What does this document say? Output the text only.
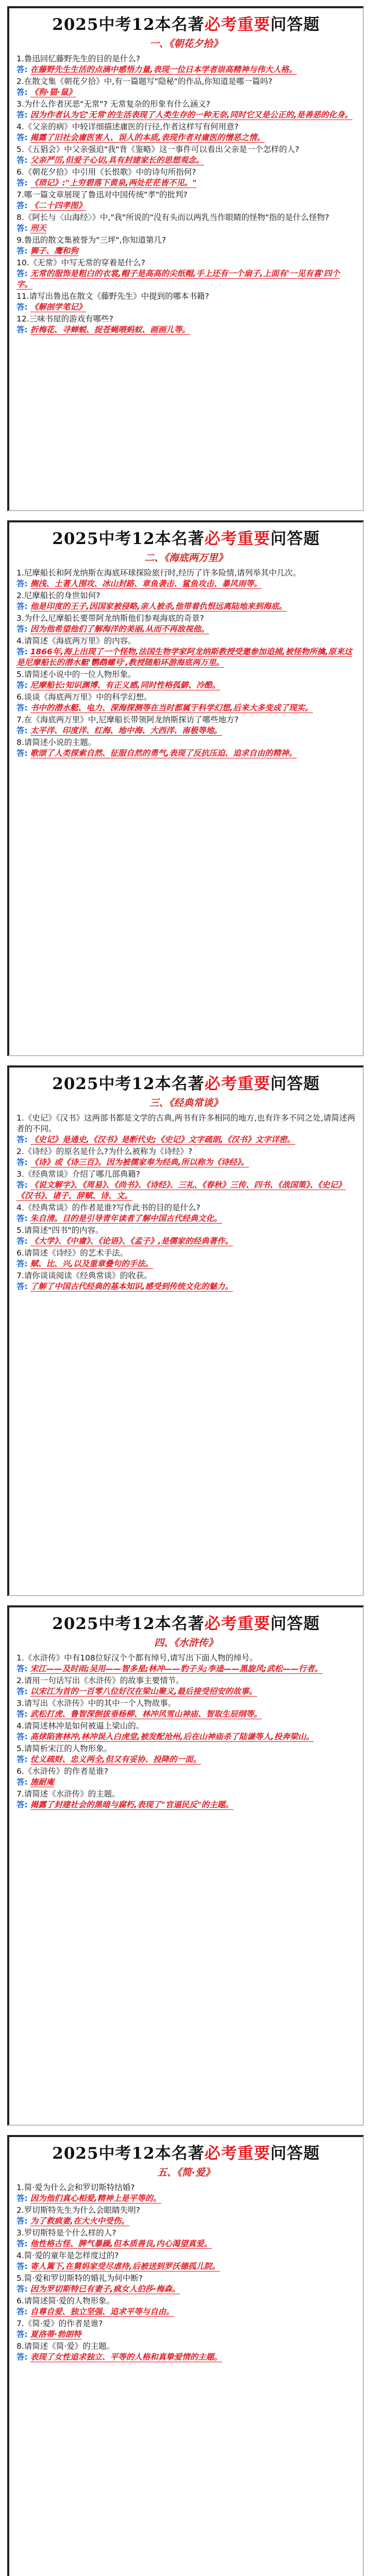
2025中考12本名著必考重要问答题
一、《朝花夕拾》

1.鲁迅回忆藤野先生的目的是什么?

答: 在藤野先生生活的点滴中感悟力量,表现一位日本学者崇高精神与伟大人格。

2.在散文集《朝花夕拾》中,有一篇题写"隐秘"的作品,你知道是哪一篇吗?

答: 《狗·猫·鼠》

3.为什么作者厌恶"无常"? 无常复杂的形象有什么涵义?

答: 因为作者认为它'无常'的生活表现了人类生存的一种无奈,同时它又是公正的,是善恶的化身。

4.《父亲的病》中较详细描述庸医的行径,作者这样写有何用意?

答: 揭露了旧社会庸医害人、误人的本质,表现作者对庸医的憎恶之情。

5.《五猖会》中父亲强迫"我"背《鉴略》这一事件可以看出父亲是一个怎样的人?

答: 父亲严厉,但爱子心切,具有封建家长的思想观念。

6.《朝花夕拾》中引用《长恨歌》中的诗句所指何?

答: 《琐记》:"上穷碧落下黄泉,两处茫茫皆不见。"

7.哪一篇文章展现了鲁迅对中国传统"孝"的批判?

答: 《二十四孝图》

8.《阿长与〈山海经〉》中,"我"所说的"没有头而以两乳当作眼睛的怪物"指的是什么怪物?

答: 刑天

9.鲁迅的散文集被誉为"三坪",你知道第几?

答: 狮子、鹰和狗

10.《无常》中写无常的穿着是什么?

答: 无常的服饰是粗白的衣裳,帽子是高高的尖纸帽,手上还有一个扇子,上面有'一见有喜'四个字。

11.请写出鲁迅在散文《藤野先生》中提到的哪本书籍?

答: 《解剖学笔记》

12.三味书屋的游戏有哪些?

答: 折梅花、寻蝉蜕、捉苍蝇喂蚂蚁、画画儿等。

2025中考12本名著必考重要问答题
二、《海底两万里》

1.尼摩船长和阿龙纳斯在海底环球探险旅行时,经历了许多险情,请列举其中几次。

答: 搁浅、土著人围攻、冰山封路、章鱼袭击、鲨鱼攻击、暴风雨等。

2.尼摩船长的身世如何?

答: 他是印度的王子,因国家被侵略,亲人被杀,他带着仇恨远离陆地来到海底。

3.为什么尼摩船长要带阿龙纳斯他们参观海底的奇景?

答: 因为他希望他们了解海洋的美丽,从而不再敌视他。

4.请简述《海底两万里》的内容。

答: 1866年,海上出现了一个怪物,法国生物学家阿龙纳斯教授受邀参加追捕,被怪物所擒,原来这是尼摩船长的潜水艇'鹦鹉螺号',教授随船环游海底两万里。

5.请简述小说中的一位人物形象。

答: 尼摩船长:知识渊博、有正义感,同时性格孤僻、冷酷。

6.谈谈《海底两万里》中的科学幻想。

答: 书中的潜水艇、电力、深海探测等在当时都属于科学幻想,后来大多变成了现实。

7.在《海底两万里》中,尼摩船长带领阿龙纳斯探访了哪些地方?

答: 太平洋、印度洋、红海、地中海、大西洋、南极等地。

8.请简述小说的主题。

答: 歌颂了人类探索自然、征服自然的勇气,表现了反抗压迫、追求自由的精神。

2025中考12本名著必考重要问答题
三、《经典常谈》

1.《史记》《汉书》这两部书都是文学的古典,两书有许多相同的地方,也有许多不同之处,请简述两者的不同。

答: 《史记》是通史,《汉书》是断代史;《史记》文字疏朗,《汉书》文字详密。

2.《诗经》的原名是什么?为什么被称为《诗经》?

答: 《诗》或《诗三百》。因为被儒家奉为经典,所以称为《诗经》。

3.《经典常谈》介绍了哪几部典籍?

答: 《说文解字》、《周易》、《尚书》、《诗经》、三礼、《春秋》三传、四书、《战国策》、《史记》《汉书》、诸子、辞赋、诗、文。

4.《经典常谈》的作者是谁?写作此书的目的是什么?

答: 朱自清。目的是引导青年读者了解中国古代经典文化。

5.请简述"四书"的内容。

答: 《大学》、《中庸》、《论语》、《孟子》,是儒家的经典著作。

6.请简述《诗经》的艺术手法。

答: 赋、比、兴,以及重章叠句的手法。

7.请你谈谈阅读《经典常谈》的收获。

答: 了解了中国古代经典的基本知识,感受到传统文化的魅力。

2025中考12本名著必考重要问答题
四、《水浒传》

1.《水浒传》中有108位好汉个个都有绰号,请写出下面人物的绰号。

答: 宋江——及时雨;吴用——智多星;林冲——豹子头;李逵——黑旋风;武松——行者。

2.请用一句话写出《水浒传》的故事主要情节。

答: 以宋江为首的一百零八位好汉在梁山聚义,最后接受招安的故事。

3.请写出《水浒传》中的其中一个人物故事。

答: 武松打虎、鲁智深倒拔垂杨柳、林冲风雪山神庙、智取生辰纲等。

4.请简述林冲是如何被逼上梁山的。

答: 高俅陷害林冲,林冲误入白虎堂,被发配沧州,后在山神庙杀了陆谦等人,投奔梁山。

5.请简析宋江的人物形象。

答: 仗义疏财、忠义两全,但又有妥协、投降的一面。

6.《水浒传》的作者是谁?

答: 施耐庵

7.请简述《水浒传》的主题。

答: 揭露了封建社会的黑暗与腐朽,表现了"官逼民反"的主题。

2025中考12本名著必考重要问答题
五、《简·爱》

1.简·爱为什么会和罗切斯特结婚?

答: 因为他们真心相爱,精神上是平等的。

2.罗切斯特先生为什么会眼睛失明?

答: 为了救疯妻,在大火中受伤。

3.罗切斯特是个什么样的人?

答: 他性格古怪、脾气暴躁,但本质善良,内心渴望真爱。

4.简·爱的童年是怎样度过的?

答: 寄人篱下,在舅妈家受尽虐待,后被送到罗沃德孤儿院。

5.简·爱和罗切斯特的婚礼为何中断?

答: 因为罗切斯特已有妻子,疯女人伯莎·梅森。

6.请简述简·爱的人物形象。

答: 自尊自爱、独立坚强、追求平等与自由。

7.《简·爱》的作者是谁?

答: 夏洛蒂·勃朗特

8.请简述《简·爱》的主题。

答: 表现了女性追求独立、平等的人格和真挚爱情的主题。
